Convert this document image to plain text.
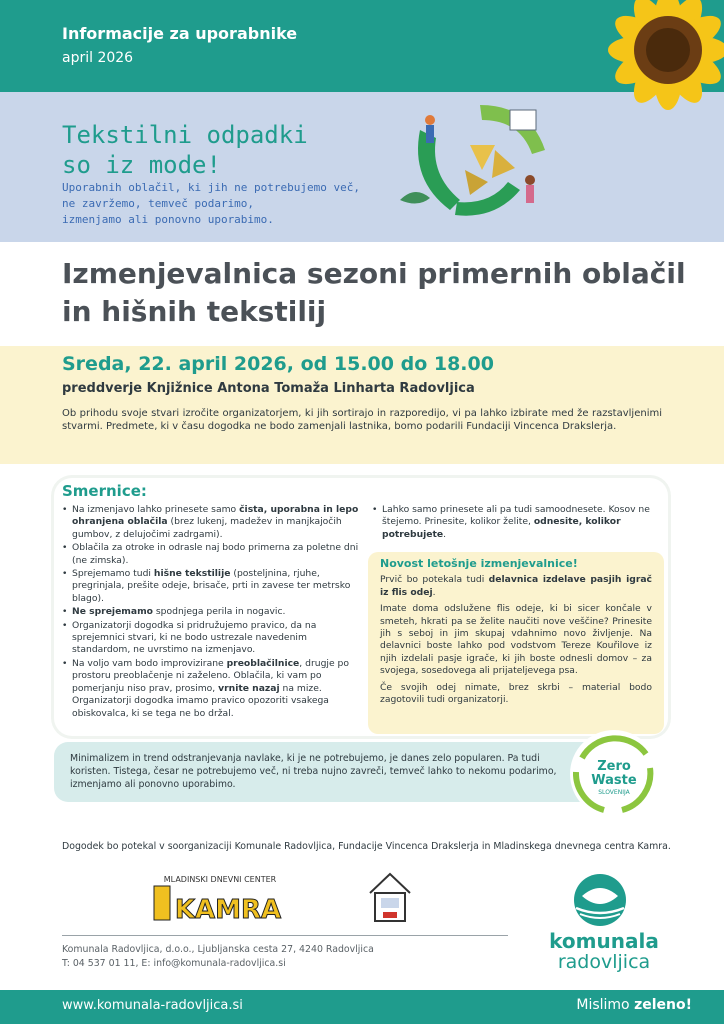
Informacije za uporabnike
april 2026
Tekstilni odpadki
so iz mode!
Uporabnih oblačil, ki jih ne potrebujemo več,
ne zavržemo, temveč podarimo,
izmenjamo ali ponovno uporabimo.
Izmenjevalnica sezoni primernih oblačil in hišnih tekstilij
Sreda, 22. april 2026, od 15.00 do 18.00
preddverje Knjižnice Antona Tomaža Linharta Radovljica
Ob prihodu svoje stvari izročite organizatorjem, ki jih sortirajo in razporedijo, vi pa lahko izbirate med že razstavljenimi stvarmi. Predmete, ki v času dogodka ne bodo zamenjali lastnika, bomo podarili Fundaciji Vincenca Drakslerja.
Smernice:
• Na izmenjavo lahko prinesete samo čista, uporabna in lepo ohranjena oblačila (brez lukenj, madežev in manjkajočih gumbov, z delujočimi zadrgami).
• Oblačila za otroke in odrasle naj bodo primerna za poletne dni (ne zimska).
• Sprejemamo tudi hišne tekstilije (posteljnina, rjuhe, pregrinjala, prešite odeje, brisače, prti in zavese ter metrsko blago).
• Ne sprejemamo spodnjega perila in nogavic.
• Organizatorji dogodka si pridružujemo pravico, da na sprejemnici stvari, ki ne bodo ustrezale navedenim standardom, ne uvrstimo na izmenjavo.
• Na voljo vam bodo improvizirane preoblačilnice, drugje po prostoru preoblačenje ni zaželeno. Oblačila, ki vam po pomerjanju niso prav, prosimo, vrnite nazaj na mize. Organizatorji dogodka imamo pravico opozoriti vsakega obiskovalca, ki se tega ne bo držal.
• Lahko samo prinesete ali pa tudi samoodnesete. Kosov ne štejemo. Prinesite, kolikor želite, odnesite, kolikor potrebujete.
Novost letošnje izmenjevalnice!

Prvič bo potekala tudi delavnica izdelave pasjih igrač iz flis odej.

Imate doma odslužene flis odeje, ki bi sicer končale v smeteh, hkrati pa se želite naučiti nove veščine? Prinesite jih s seboj in jim skupaj vdahnimo novo življenje. Na delavnici boste lahko pod vodstvom Tereze Kouřilove iz njih izdelali pasje igrače, ki jih boste odnesli domov – za svojega, sosedovega ali prijateljevega psa.

Če svojih odej nimate, brez skrbi – material bodo zagotovili tudi organizatorji.

Minimalizem in trend odstranjevanja navlake, ki je ne potrebujemo, je danes zelo popularen. Pa tudi koristen. Tistega, česar ne potrebujemo več, ni treba nujno zavreči, temveč lahko to nekomu podarimo, izmenjamo ali ponovno uporabimo.
Zero
Waste
SLOVENIJA
Dogodek bo potekal v soorganizaciji Komunale Radovljica, Fundacije Vincenca Drakslerja in Mladinskega dnevnega centra Kamra.
MLADINSKI DNEVNI CENTER
KAMRA
komunala
radovljica
Komunala Radovljica, d.o.o., Ljubljanska cesta 27, 4240 Radovljica
T: 04 537 01 11, E: info@komunala-radovljica.si
www.komunala-radovljica.si	Mislimo zeleno!
